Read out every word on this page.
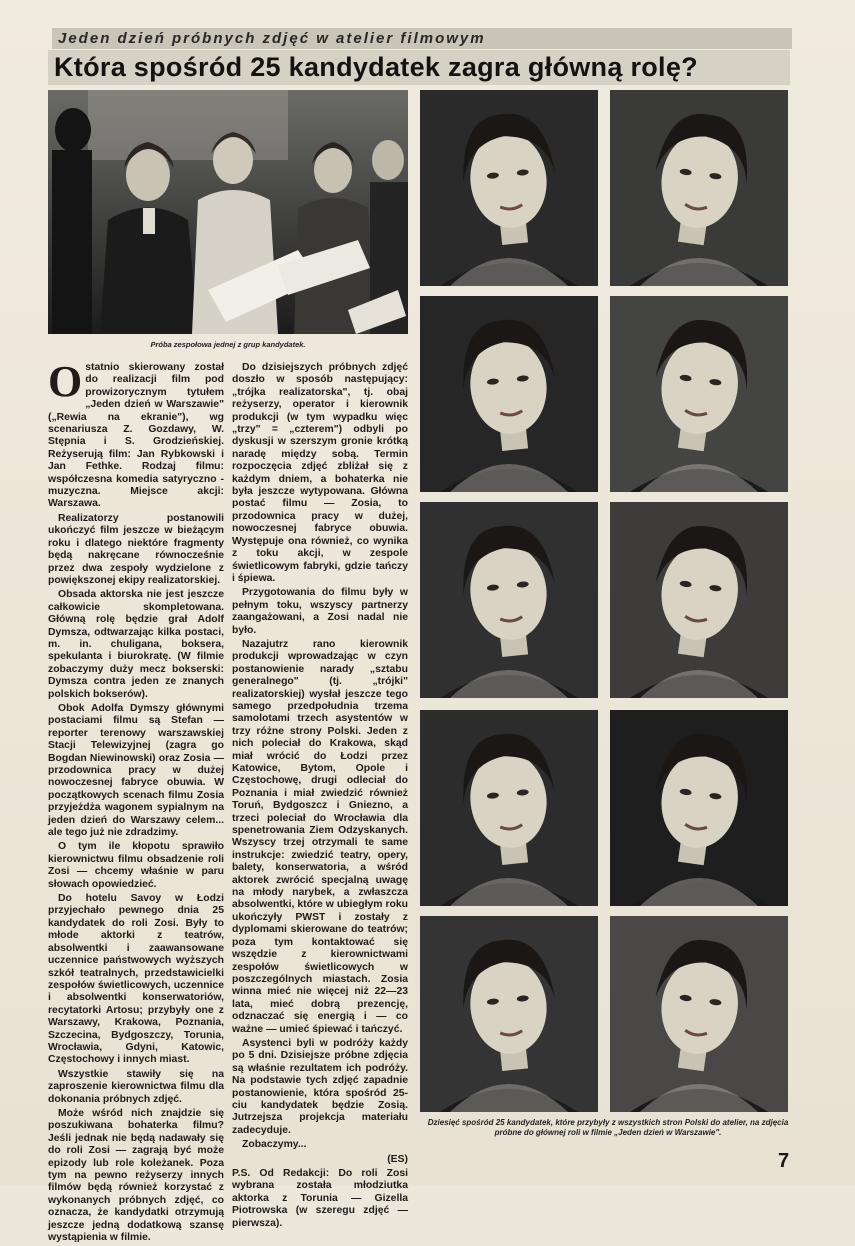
Jeden dzień próbnych zdjęć w atelier filmowym
Która spośród 25 kandydatek zagra główną rolę?
Próba zespołowa jednej z grup kandydatek.

Ostatnio skierowany został do realizacji film pod prowizorycznym tytułem „Jeden dzień w Warszawie" („Rewia na ekranie"), wg scenariusza Z. Gozdawy, W. Stępnia i S. Grodzieńskiej. Reżyserują film: Jan Rybkowski i Jan Fethke. Rodzaj filmu: współczesna komedia satyryczno - muzyczna. Miejsce akcji: Warszawa.

Realizatorzy postanowili ukończyć film jeszcze w bieżącym roku i dlatego niektóre fragmenty będą nakręcane równocześnie przez dwa zespoły wydzielone z powiększonej ekipy realizatorskiej.

Obsada aktorska nie jest jeszcze całkowicie skompletowana. Główną rolę będzie grał Adolf Dymsza, odtwarzając kilka postaci, m. in. chuligana, boksera, spekulanta i biurokratę. (W filmie zobaczymy duży mecz bokserski: Dymsza contra jeden ze znanych polskich bokserów).

Obok Adolfa Dymszy głównymi postaciami filmu są Stefan — reporter terenowy warszawskiej Stacji Telewizyjnej (zagra go Bogdan Niewinowski) oraz Zosia — przodownica pracy w dużej nowoczesnej fabryce obuwia. W początkowych scenach filmu Zosia przyjeżdża wagonem sypialnym na jeden dzień do Warszawy celem... ale tego już nie zdradzimy.

O tym ile kłopotu sprawiło kierownictwu filmu obsadzenie roli Zosi — chcemy właśnie w paru słowach opowiedzieć.

Do hotelu Savoy w Łodzi przyjechało pewnego dnia 25 kandydatek do roli Zosi. Były to młode aktorki z teatrów, absolwentki i zaawansowane uczennice państwowych wyższych szkół teatralnych, przedstawicielki zespołów świetlicowych, uczennice i absolwentki konserwatoriów, recytatorki Artosu; przybyły one z Warszawy, Krakowa, Poznania, Szczecina, Bydgoszczy, Torunia, Wrocławia, Gdyni, Katowic, Częstochowy i innych miast.

Wszystkie stawiły się na zaproszenie kierownictwa filmu dla dokonania próbnych zdjęć.

Może wśród nich znajdzie się poszukiwana bohaterka filmu? Jeśli jednak nie będą nadawały się do roli Zosi — zagrają być może epizody lub role koleżanek. Poza tym na pewno reżyserzy innych filmów będą również korzystać z wykonanych próbnych zdjęć, co oznacza, że kandydatki otrzymują jeszcze jedną dodatkową szansę wystąpienia w filmie.

Do dzisiejszych próbnych zdjęć doszło w sposób następujący: „trójka realizatorska", tj. obaj reżyserzy, operator i kierownik produkcji (w tym wypadku więc „trzy" = „czterem") odbyli po dyskusji w szerszym gronie krótką naradę między sobą. Termin rozpoczęcia zdjęć zbliżał się z każdym dniem, a bohaterka nie była jeszcze wytypowana. Główna postać filmu — Zosia, to przodownica pracy w dużej, nowoczesnej fabryce obuwia. Występuje ona również, co wynika z toku akcji, w zespole świetlicowym fabryki, gdzie tańczy i śpiewa.

Przygotowania do filmu były w pełnym toku, wszyscy partnerzy zaangażowani, a Zosi nadal nie było.

Nazajutrz rano kierownik produkcji wprowadzając w czyn postanowienie narady „sztabu generalnego" (tj. „trójki" realizatorskiej) wysłał jeszcze tego samego przedpołudnia trzema samolotami trzech asystentów w trzy różne strony Polski. Jeden z nich poleciał do Krakowa, skąd miał wrócić do Łodzi przez Katowice, Bytom, Opole i Częstochowę, drugi odleciał do Poznania i miał zwiedzić również Toruń, Bydgoszcz i Gniezno, a trzeci poleciał do Wrocławia dla spenetrowania Ziem Odzyskanych. Wszyscy trzej otrzymali te same instrukcje: zwiedzić teatry, opery, balety, konserwatoria, a wśród aktorek zwrócić specjalną uwagę na młody narybek, a zwłaszcza absolwentki, które w ubiegłym roku ukończyły PWST i zostały z dyplomami skierowane do teatrów; poza tym kontaktować się wszędzie z kierownictwami zespołów świetlicowych w poszczególnych miastach. Zosia winna mieć nie więcej niż 22—23 lata, mieć dobrą prezencję, odznaczać się energią i — co ważne — umieć śpiewać i tańczyć.

Asystenci byli w podróży każdy po 5 dni. Dzisiejsze próbne zdjęcia są właśnie rezultatem ich podróży. Na podstawie tych zdjęć zapadnie postanowienie, która spośród 25-ciu kandydatek będzie Zosią. Jutrzejsza projekcja materiału zadecyduje.

Zobaczymy...

(ES)

P.S. Od Redakcji: Do roli Zosi wybrana została młodziutka aktorka z Torunia — Gizella Piotrowska (w szeregu zdjęć — pierwsza).

Dziesięć spośród 25 kandydatek, które przybyły z wszystkich stron Polski do atelier, na zdjęcia próbne do głównej roli w filmie „Jeden dzień w Warszawie".
7
